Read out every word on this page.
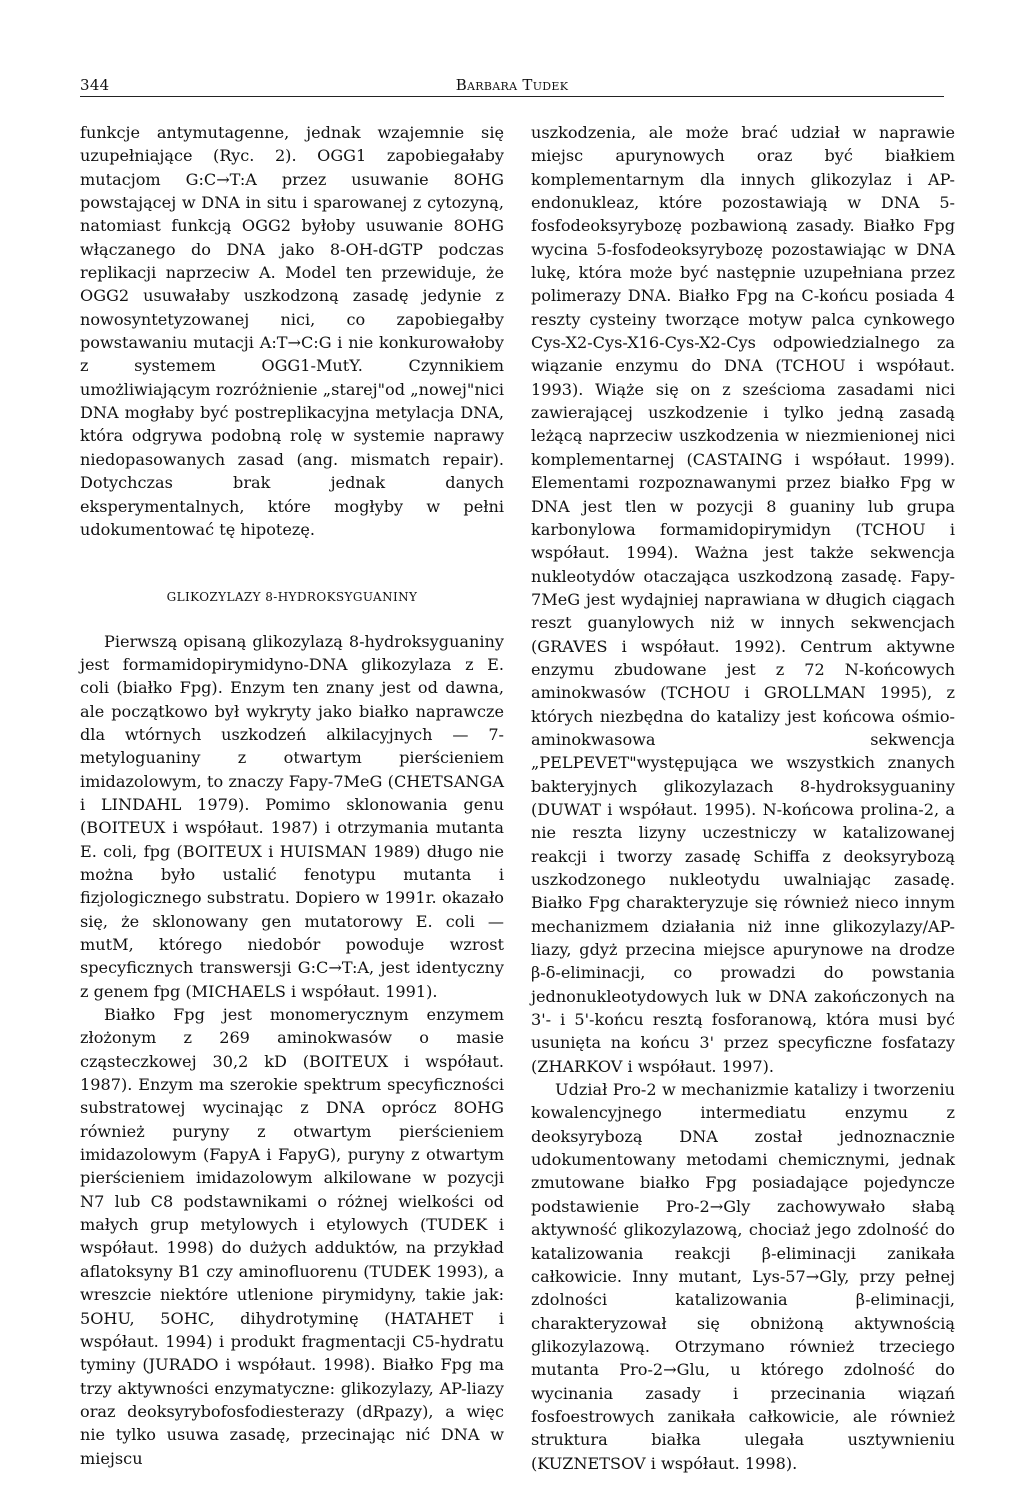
344	Barbara Tudek

funkcje antymutagenne, jednak wzajemnie się uzupełniające (Ryc. 2). OGG1 zapobiegałaby mutacjom G:C→T:A przez usuwanie 8OHG powstającej w DNA in situ i sparowanej z cytozyną, natomiast funkcją OGG2 byłoby usuwanie 8OHG włączanego do DNA jako 8-OH-dGTP podczas replikacji naprzeciw A. Model ten przewiduje, że OGG2 usuwałaby uszkodzoną zasadę jedynie z nowosyntetyzowanej nici, co zapobiegałby powstawaniu mutacji A:T→C:G i nie konkurowałoby z systemem OGG1-MutY. Czynnikiem umożliwiającym rozróżnienie „starej"od „nowej"nici DNA mogłaby być postreplikacyjna metylacja DNA, która odgrywa podobną rolę w systemie naprawy niedopasowanych zasad (ang. mismatch repair). Dotychczas brak jednak danych eksperymentalnych, które mogłyby w pełni udokumentować tę hipotezę.

GLIKOZYLAZY 8-HYDROKSYGUANINY

Pierwszą opisaną glikozylazą 8-hydroksyguaniny jest formamidopirymidyno-DNA glikozylaza z E. coli (białko Fpg). Enzym ten znany jest od dawna, ale początkowo był wykryty jako białko naprawcze dla wtórnych uszkodzeń alkilacyjnych — 7-metyloguaniny z otwartym pierścieniem imidazolowym, to znaczy Fapy-7MeG (CHETSANGA i LINDAHL 1979). Pomimo sklonowania genu (BOITEUX i współaut. 1987) i otrzymania mutanta E. coli, fpg (BOITEUX i HUISMAN 1989) długo nie można było ustalić fenotypu mutanta i fizjologicznego substratu. Dopiero w 1991r. okazało się, że sklonowany gen mutatorowy E. coli — mutM, którego niedobór powoduje wzrost specyficznych transwersji G:C→T:A, jest identyczny z genem fpg (MICHAELS i współaut. 1991).

Białko Fpg jest monomerycznym enzymem złożonym z 269 aminokwasów o masie cząsteczkowej 30,2 kD (BOITEUX i współaut. 1987). Enzym ma szerokie spektrum specyficzności substratowej wycinając z DNA oprócz 8OHG również puryny z otwartym pierścieniem imidazolowym (FapyA i FapyG), puryny z otwartym pierścieniem imidazolowym alkilowane w pozycji N7 lub C8 podstawnikami o różnej wielkości od małych grup metylowych i etylowych (TUDEK i współaut. 1998) do dużych adduktów, na przykład aflatoksyny B1 czy aminofluorenu (TUDEK 1993), a wreszcie niektóre utlenione pirymidyny, takie jak: 5OHU, 5OHC, dihydrotyminę (HATAHET i współaut. 1994) i produkt fragmentacji C5-hydratu tyminy (JURADO i współaut. 1998). Białko Fpg ma trzy aktywności enzymatyczne: glikozylazy, AP-liazy oraz deoksyrybofosfodiesterazy (dRpazy), a więc nie tylko usuwa zasadę, przecinając nić DNA w miejscu

uszkodzenia, ale może brać udział w naprawie miejsc apurynowych oraz być białkiem komplementarnym dla innych glikozylaz i AP-endonukleaz, które pozostawiają w DNA 5-fosfodeoksyrybozę pozbawioną zasady. Białko Fpg wycina 5-fosfodeoksyrybozę pozostawiając w DNA lukę, która może być następnie uzupełniana przez polimerazy DNA. Białko Fpg na C-końcu posiada 4 reszty cysteiny tworzące motyw palca cynkowego Cys-X2-Cys-X16-Cys-X2-Cys odpowiedzialnego za wiązanie enzymu do DNA (TCHOU i współaut. 1993). Wiąże się on z sześcioma zasadami nici zawierającej uszkodzenie i tylko jedną zasadą leżącą naprzeciw uszkodzenia w niezmienionej nici komplementarnej (CASTAING i współaut. 1999). Elementami rozpoznawanymi przez białko Fpg w DNA jest tlen w pozycji 8 guaniny lub grupa karbonylowa formamidopirymidyn (TCHOU i współaut. 1994). Ważna jest także sekwencja nukleotydów otaczająca uszkodzoną zasadę. Fapy-7MeG jest wydajniej naprawiana w długich ciągach reszt guanylowych niż w innych sekwencjach (GRAVES i współaut. 1992). Centrum aktywne enzymu zbudowane jest z 72 N-końcowych aminokwasów (TCHOU i GROLLMAN 1995), z których niezbędna do katalizy jest końcowa ośmio-aminokwasowa sekwencja „PELPEVET"występująca we wszystkich znanych bakteryjnych glikozylazach 8-hydroksyguaniny (DUWAT i współaut. 1995). N-końcowa prolina-2, a nie reszta lizyny uczestniczy w katalizowanej reakcji i tworzy zasadę Schiffa z deoksyrybozą uszkodzonego nukleotydu uwalniając zasadę. Białko Fpg charakteryzuje się również nieco innym mechanizmem działania niż inne glikozylazy/AP-liazy, gdyż przecina miejsce apurynowe na drodze β-δ-eliminacji, co prowadzi do powstania jednonukleotydowych luk w DNA zakończonych na 3'- i 5'-końcu resztą fosforanową, która musi być usunięta na końcu 3' przez specyficzne fosfatazy (ZHARKOV i współaut. 1997).

Udział Pro-2 w mechanizmie katalizy i tworzeniu kowalencyjnego intermediatu enzymu z deoksyrybozą DNA został jednoznacznie udokumentowany metodami chemicznymi, jednak zmutowane białko Fpg posiadające pojedyncze podstawienie Pro-2→Gly zachowywało słabą aktywność glikozylazową, chociaż jego zdolność do katalizowania reakcji β-eliminacji zanikała całkowicie. Inny mutant, Lys-57→Gly, przy pełnej zdolności katalizowania β-eliminacji, charakteryzował się obniżoną aktywnością glikozylazową. Otrzymano również trzeciego mutanta Pro-2→Glu, u którego zdolność do wycinania zasady i przecinania wiązań fosfoestrowych zanikała całkowicie, ale również struktura białka ulegała usztywnieniu (KUZNETSOV i współaut. 1998).
